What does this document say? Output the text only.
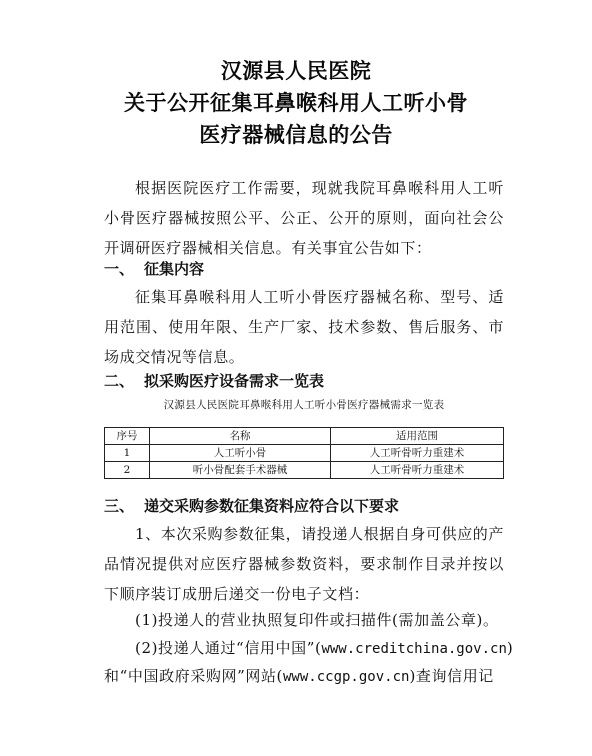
汉源县人民医院
关于公开征集耳鼻喉科用人工听小骨
医疗器械信息的公告

根据医院医疗工作需要，现就我院耳鼻喉科用人工听小骨医疗器械按照公平、公正、公开的原则，面向社会公开调研医疗器械相关信息。有关事宜公告如下：

一、 征集内容

征集耳鼻喉科用人工听小骨医疗器械名称、型号、适用范围、使用年限、生产厂家、技术参数、售后服务、市场成交情况等信息。

二、 拟采购医疗设备需求一览表
汉源县人民医院耳鼻喉科用人工听小骨医疗器械需求一览表
序号	名称	适用范围
1	人工听小骨	人工听骨听力重建术
2	听小骨配套手术器械	人工听骨听力重建术
三、 递交采购参数征集资料应符合以下要求

1、本次采购参数征集，请投递人根据自身可供应的产品情况提供对应医疗器械参数资料，要求制作目录并按以下顺序装订成册后递交一份电子文档：

(1)投递人的营业执照复印件或扫描件(需加盖公章)。
(2)投递人通过“信用中国”(www.creditchina.gov.cn)
和“中国政府采购网”网站(www.ccgp.gov.cn)查询信用记
